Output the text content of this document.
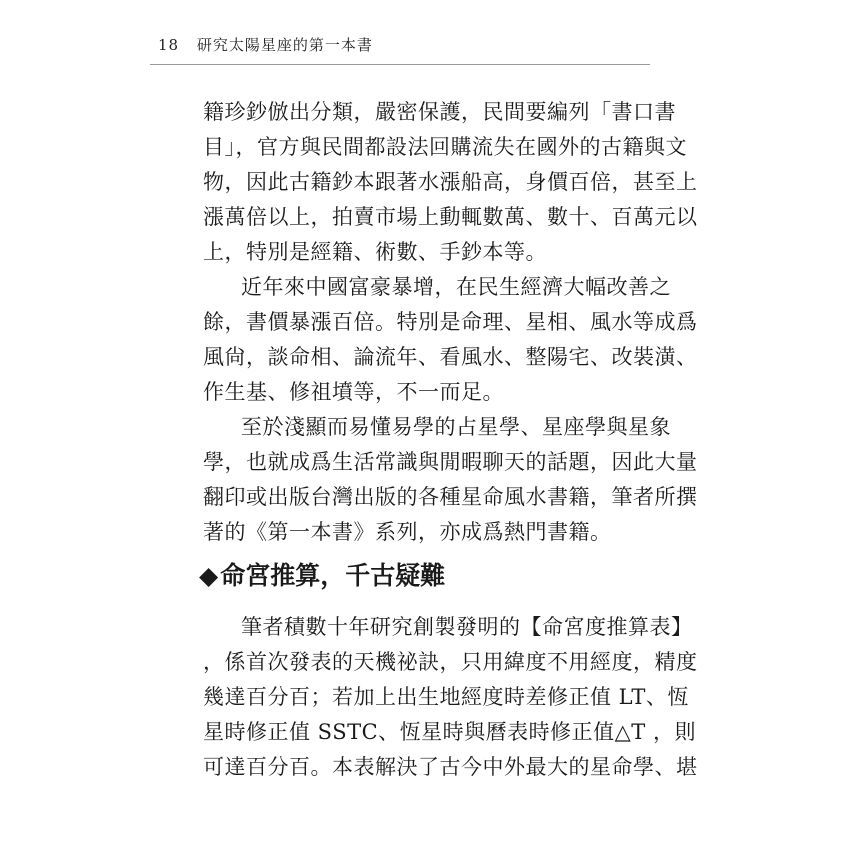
18 研究太陽星座的第一本書
籍珍鈔倣出分類，嚴密保護，民間要編列「書口書
目」，官方與民間都設法回購流失在國外的古籍與文
物，因此古籍鈔本跟著水漲船高，身價百倍，甚至上
漲萬倍以上，拍賣市場上動輒數萬、數十、百萬元以
上，特別是經籍、術數、手鈔本等。
近年來中國富豪暴增，在民生經濟大幅改善之
餘，書價暴漲百倍。特別是命理、星相、風水等成爲
風尙，談命相、論流年、看風水、整陽宅、改裝潢、
作生基、修祖墳等，不一而足。
至於淺顯而易懂易學的占星學、星座學與星象
學，也就成爲生活常識與閒暇聊天的話題，因此大量
翻印或出版台灣出版的各種星命風水書籍，筆者所撰
著的《第一本書》系列，亦成爲熱門書籍。
◆命宮推算，千古疑難
筆者積數十年研究創製發明的【命宮度推算表】
，係首次發表的天機祕訣，只用緯度不用經度，精度
幾達百分百；若加上出生地經度時差修正值 LT、恆
星時修正值 SSTC、恆星時與曆表時修正值△T ，則
可達百分百。本表解決了古今中外最大的星命學、堪
